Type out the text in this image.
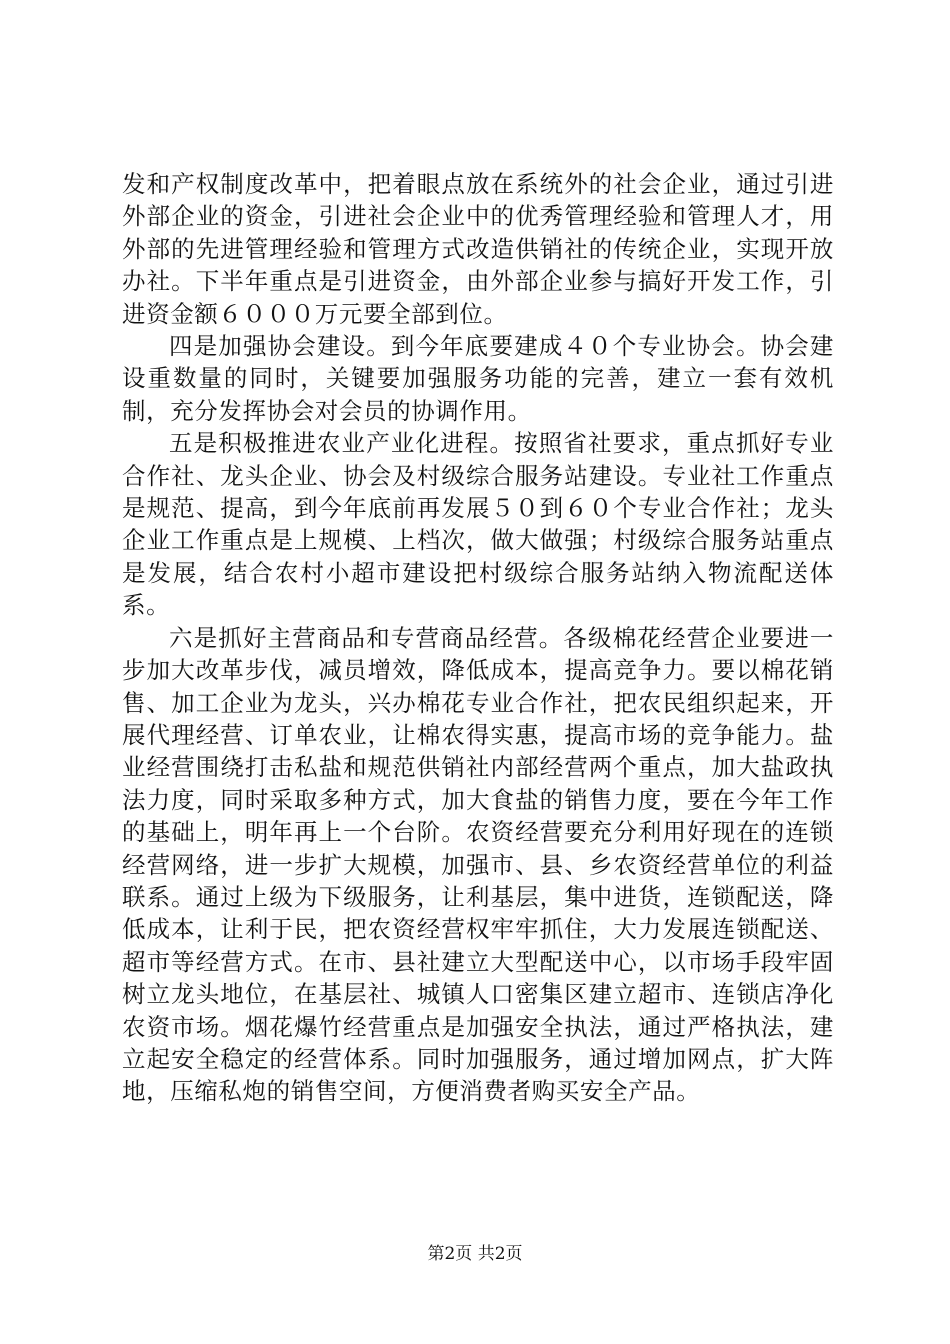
发和产权制度改革中，把着眼点放在系统外的社会企业，通过引进外部企业的资金，引进社会企业中的优秀管理经验和管理人才，用外部的先进管理经验和管理方式改造供销社的传统企业，实现开放办社。下半年重点是引进资金，由外部企业参与搞好开发工作，引进资金额６０００万元要全部到位。

四是加强协会建设。到今年底要建成４０个专业协会。协会建设重数量的同时，关键要加强服务功能的完善，建立一套有效机制，充分发挥协会对会员的协调作用。

五是积极推进农业产业化进程。按照省社要求，重点抓好专业合作社、龙头企业、协会及村级综合服务站建设。专业社工作重点是规范、提高，到今年底前再发展５０到６０个专业合作社；龙头企业工作重点是上规模、上档次，做大做强；村级综合服务站重点是发展，结合农村小超市建设把村级综合服务站纳入物流配送体系。

六是抓好主营商品和专营商品经营。各级棉花经营企业要进一步加大改革步伐，减员增效，降低成本，提高竞争力。要以棉花销售、加工企业为龙头，兴办棉花专业合作社，把农民组织起来，开展代理经营、订单农业，让棉农得实惠，提高市场的竞争能力。盐业经营围绕打击私盐和规范供销社内部经营两个重点，加大盐政执法力度，同时采取多种方式，加大食盐的销售力度，要在今年工作的基础上，明年再上一个台阶。农资经营要充分利用好现在的连锁经营网络，进一步扩大规模，加强市、县、乡农资经营单位的利益联系。通过上级为下级服务，让利基层，集中进货，连锁配送，降低成本，让利于民，把农资经营权牢牢抓住，大力发展连锁配送、超市等经营方式。在市、县社建立大型配送中心，以市场手段牢固树立龙头地位，在基层社、城镇人口密集区建立超市、连锁店净化农资市场。烟花爆竹经营重点是加强安全执法，通过严格执法，建立起安全稳定的经营体系。同时加强服务，通过增加网点，扩大阵地，压缩私炮的销售空间，方便消费者购买安全产品。

第2页 共2页
